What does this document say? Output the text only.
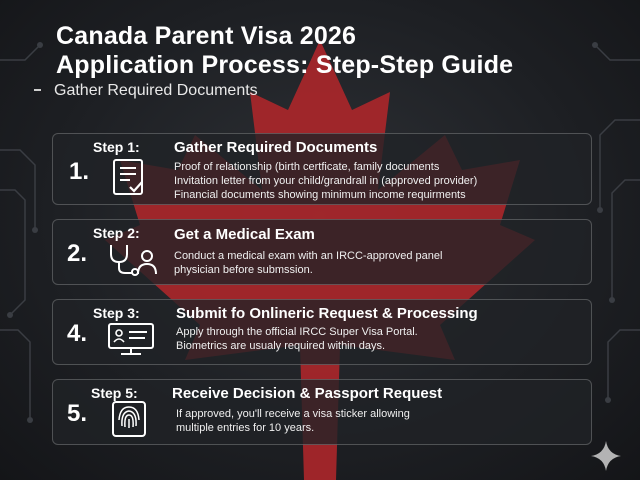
Canada Parent Visa 2026
Application Process: Step-Step Guide
Gather Required Documents
Step 1:
1.
Gather Required Documents
Proof of relationship (birth certficate, family documents
Invitation letter from your child/grandrall in (approved provider)
Financial documents showing minimum income requirments
Step 2:
2.
Get a Medical Exam
Conduct a medical exam with an IRCC-approved panel
physician before submssion.
Step 3:
4.
Submit fo Onlineric Request & Processing
Apply through the official IRCC Super Visa Portal.
Biometrics are usualy required within days.
Step 5:
5.
Receive Decision & Passport Request
If approved, you'll receive a visa sticker allowing
multiple entries for 10 years.
